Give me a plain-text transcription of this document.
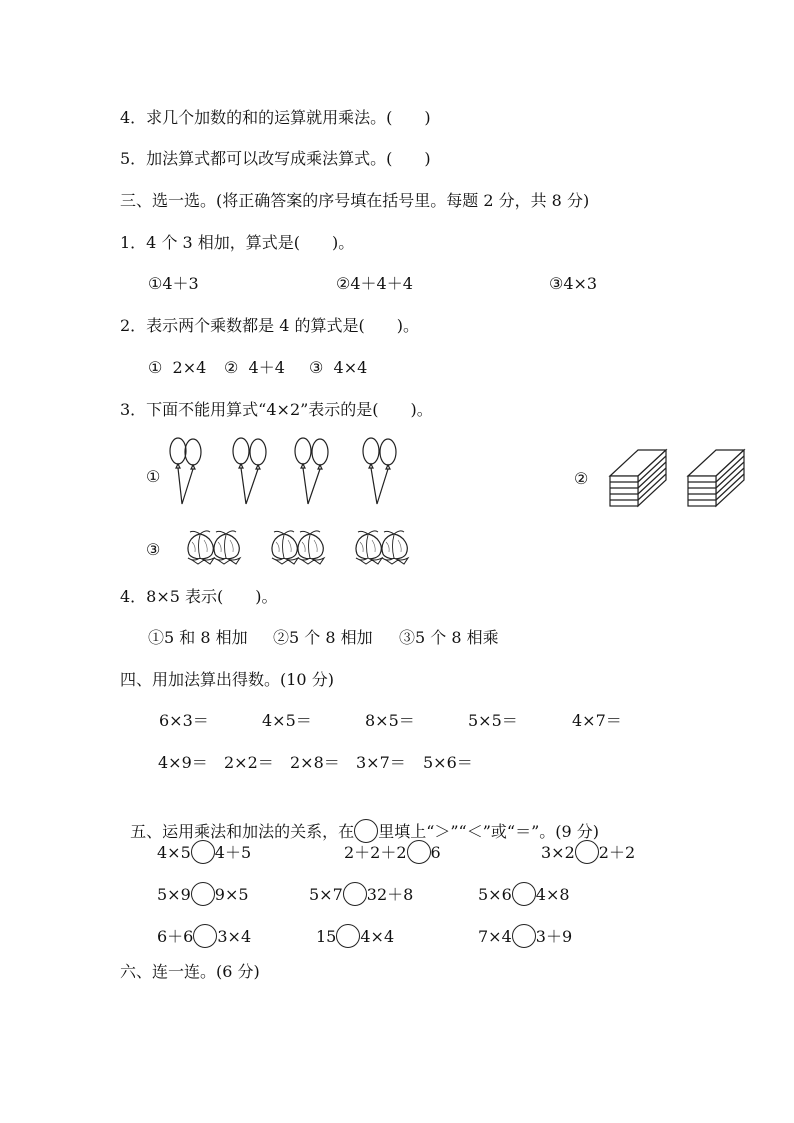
4．求几个加数的和的运算就用乘法。(　　)
5．加法算式都可以改写成乘法算式。(　　)
三、选一选。(将正确答案的序号填在括号里。每题 2 分，共 8 分)
1．4 个 3 相加，算式是(　　)。
①4＋3	②4＋4＋4	③4×3
2．表示两个乘数都是 4 的算式是(　　)。
①  2×4 ②  4＋4 ③  4×4
3．下面不能用算式“4×2”表示的是(　　)。
①	②
③
4．8×5 表示(　　)。
①5 和 8 相加 ②5 个 8 相加 ③5 个 8 相乘
四、用加法算出得数。(10 分)
6×3＝	4×5＝	8×5＝	5×5＝	4×7＝
4×9＝ 2×2＝ 2×8＝ 3×7＝ 5×6＝

五、运用乘法和加法的关系，在 里填上“＞”“＜”或“＝”。(9 分)

4×5 4＋5	2＋2＋2 6	3×2 2＋2
5×9 9×5	5×7 32＋8	5×6 4×8
6＋6 3×4	15 4×4	7×4 3＋9
六、连一连。(6 分)
